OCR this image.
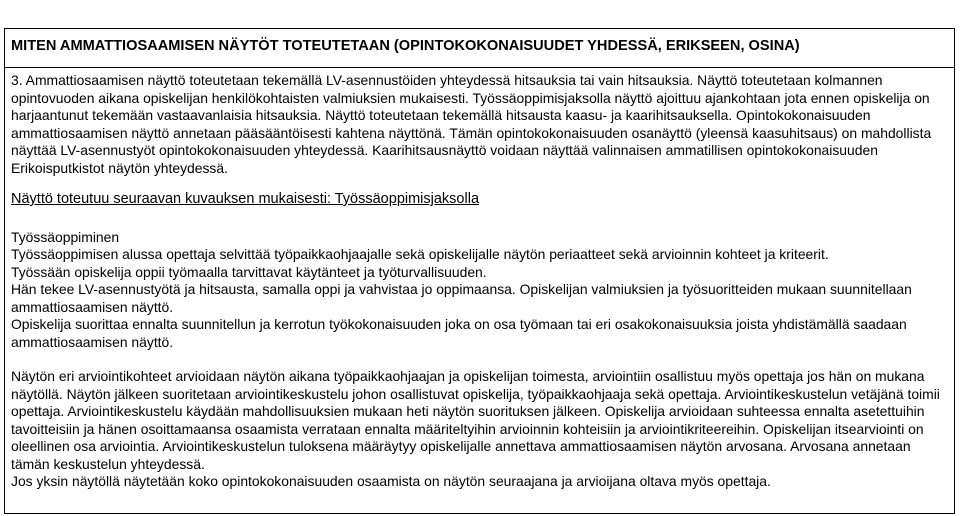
MITEN AMMATTIOSAAMISEN NÄYTÖT TOTEUTETAAN (OPINTOKOKONAISUUDET YHDESSÄ, ERIKSEEN, OSINA)

3. Ammattiosaamisen näyttö toteutetaan tekemällä LV-asennustöiden yhteydessä hitsauksia tai vain hitsauksia. Näyttö toteutetaan kolmannen opintovuoden aikana opiskelijan henkilökohtaisten valmiuksien mukaisesti. Työssäoppimisjaksolla näyttö ajoittuu ajankohtaan jota ennen opiskelija on harjaantunut tekemään vastaavanlaisia hitsauksia. Näyttö toteutetaan tekemällä hitsausta kaasu- ja kaarihitsauksella. Opintokokonaisuuden ammattiosaamisen näyttö annetaan pääsääntöisesti kahtena näyttönä. Tämän opintokokonaisuuden osanäyttö (yleensä kaasuhitsaus) on mahdollista näyttää LV-asennustyöt opintokokonaisuuden yhteydessä. Kaarihitsausnäyttö voidaan näyttää valinnaisen ammatillisen opintokokonaisuuden Erikoisputkistot näytön yhteydessä.

Näyttö toteutuu seuraavan kuvauksen mukaisesti: Työssäoppimisjaksolla

Työssäoppiminen

Työssäoppimisen alussa opettaja selvittää työpaikkaohjaajalle sekä opiskelijalle näytön periaatteet sekä arvioinnin kohteet ja kriteerit.

Työssään opiskelija oppii työmaalla tarvittavat käytänteet ja työturvallisuuden.

Hän tekee LV-asennustyötä ja hitsausta, samalla oppi ja vahvistaa jo oppimaansa. Opiskelijan valmiuksien ja työsuoritteiden mukaan suunnitellaan ammattiosaamisen näyttö.

Opiskelija suorittaa ennalta suunnitellun ja kerrotun työkokonaisuuden joka on osa työmaan tai eri osakokonaisuuksia joista yhdistämällä saadaan ammattiosaamisen näyttö.

Näytön eri arviointikohteet arvioidaan näytön aikana työpaikkaohjaajan ja opiskelijan toimesta, arviointiin osallistuu myös opettaja jos hän on mukana näytöllä. Näytön jälkeen suoritetaan arviointikeskustelu johon osallistuvat opiskelija, työpaikkaohjaaja sekä opettaja. Arviointikeskustelun vetäjänä toimii opettaja. Arviointikeskustelu käydään mahdollisuuksien mukaan heti näytön suorituksen jälkeen. Opiskelija arvioidaan suhteessa ennalta asetettuihin tavoitteisiin ja hänen osoittamaansa osaamista verrataan ennalta määriteltyihin arvioinnin kohteisiin ja arviointikriteereihin. Opiskelijan itsearviointi on oleellinen osa arviointia. Arviointikeskustelun tuloksena määräytyy opiskelijalle annettava ammattiosaamisen näytön arvosana. Arvosana annetaan tämän keskustelun yhteydessä.

Jos yksin näytöllä näytetään koko opintokokonaisuuden osaamista on näytön seuraajana ja arvioijana oltava myös opettaja.
